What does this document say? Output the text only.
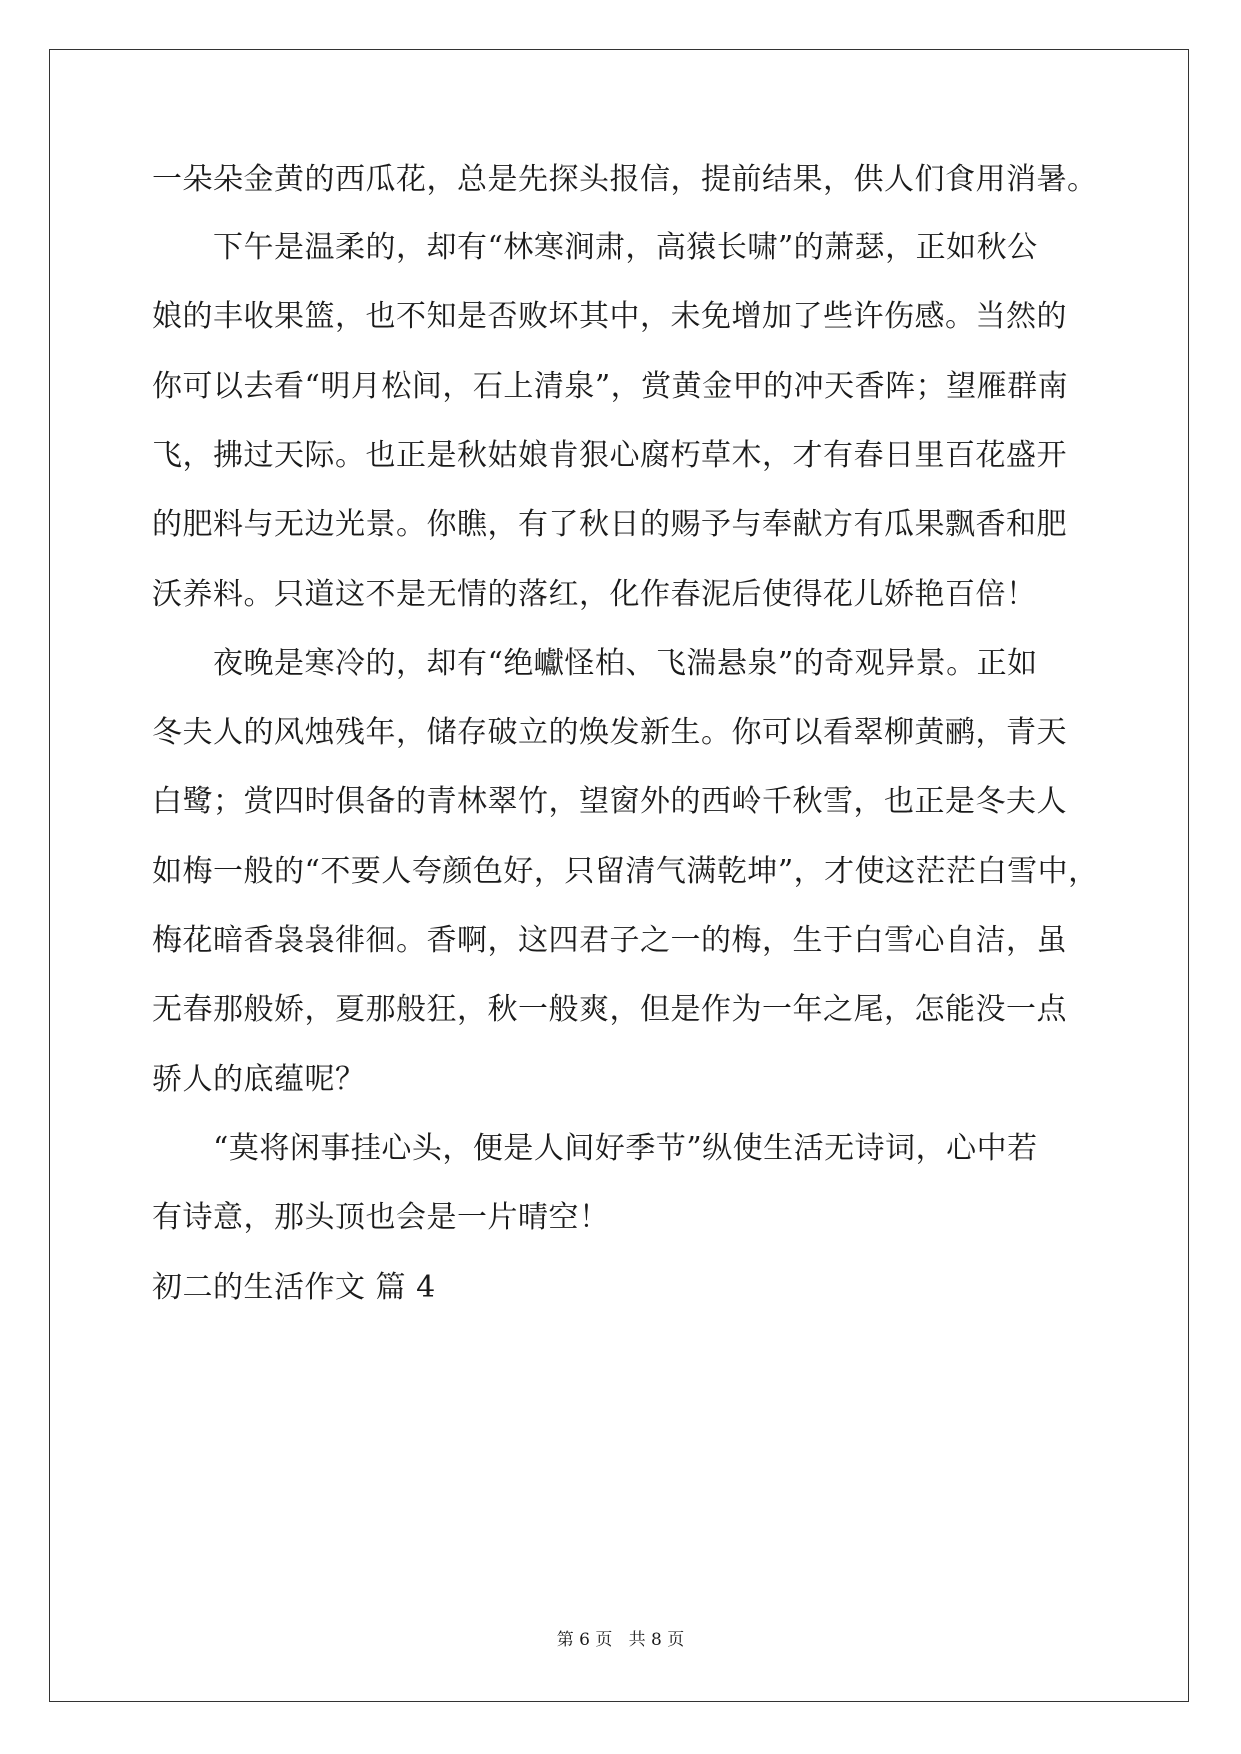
一朵朵金黄的西瓜花，总是先探头报信，提前结果，供人们食用消暑。
　　下午是温柔的，却有“林寒涧肃，高猿长啸”的萧瑟，正如秋公
娘的丰收果篮，也不知是否败坏其中，未免增加了些许伤感。当然的
你可以去看“明月松间，石上清泉”，赏黄金甲的冲天香阵；望雁群南
飞，拂过天际。也正是秋姑娘肯狠心腐朽草木，才有春日里百花盛开
的肥料与无边光景。你瞧，有了秋日的赐予与奉献方有瓜果飘香和肥
沃养料。只道这不是无情的落红，化作春泥后使得花儿娇艳百倍！
　　夜晚是寒冷的，却有“绝巘怪柏、飞湍悬泉”的奇观异景。正如
冬夫人的风烛残年，储存破立的焕发新生。你可以看翠柳黄鹂，青天
白鹭；赏四时俱备的青林翠竹，望窗外的西岭千秋雪，也正是冬夫人
如梅一般的“不要人夸颜色好，只留清气满乾坤”，才使这茫茫白雪中，
梅花暗香袅袅徘徊。香啊，这四君子之一的梅，生于白雪心自洁，虽
无春那般娇，夏那般狂，秋一般爽，但是作为一年之尾，怎能没一点
骄人的底蕴呢？
　　“莫将闲事挂心头，便是人间好季节”纵使生活无诗词，心中若
有诗意，那头顶也会是一片晴空！
初二的生活作文 篇 4
第 6 页 共 8 页
